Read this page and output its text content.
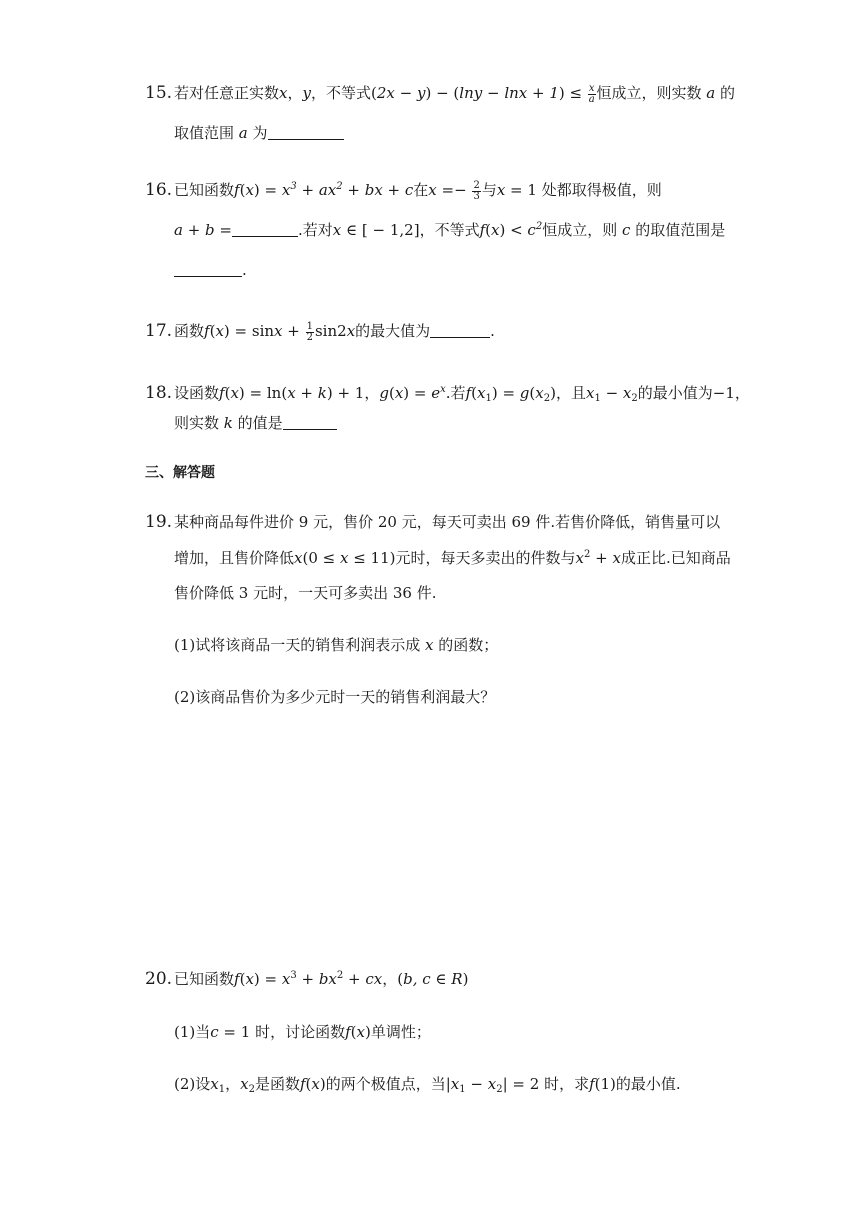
15. 若对任意正实数x，y，不等式$(2x - y) - (\ln y - \ln x + 1) \le \frac{x}{a}$ 恒成立，则实数 a 的
取值范围 a 为
16. 已知函数$f(x) = x^3 + ax^2$ + bx + c在$x =- \frac{2}{3}$ 与x = 1 处都取得极值，则
a + b =	.若对x ∈ [ − 1,2]，不等式$f(x) < c^2$恒成立，则 c 的取值范围是
.
17. 函数$f(x) = \sin x + \frac{1}{2} \sin 2x$的最大值为	.
18. 设函数f(x) = ln(x + k) + 1，$g(x) = e^x$.若$f(x_1) = g(x_2)$，且$x_1 - x_2$的最小值为−1，
则实数 k 的值是
三、解答题
19. 某种商品每件进价 9 元，售价 20 元，每天可卖出 69 件.若售价降低，销售量可以
增加，且售价降低x(0 ≤ x ≤ 11)元时，每天多卖出的件数与$x^2 + x$成正比.已知商品
售价降低 3 元时，一天可多卖出 36 件.
(1)试将该商品一天的销售利润表示成 x 的函数；
(2)该商品售价为多少元时一天的销售利润最大？
20. 已知函数$f(x) = x^3 + bx^2$ + cx，(b, c ∈ R)
(1)当c = 1 时，讨论函数f(x)单调性；
(2)设$x_1$，$x_2$是函数f(x)的两个极值点，当$|x_1 - x_2| = 2$ 时，求f(1)的最小值.
